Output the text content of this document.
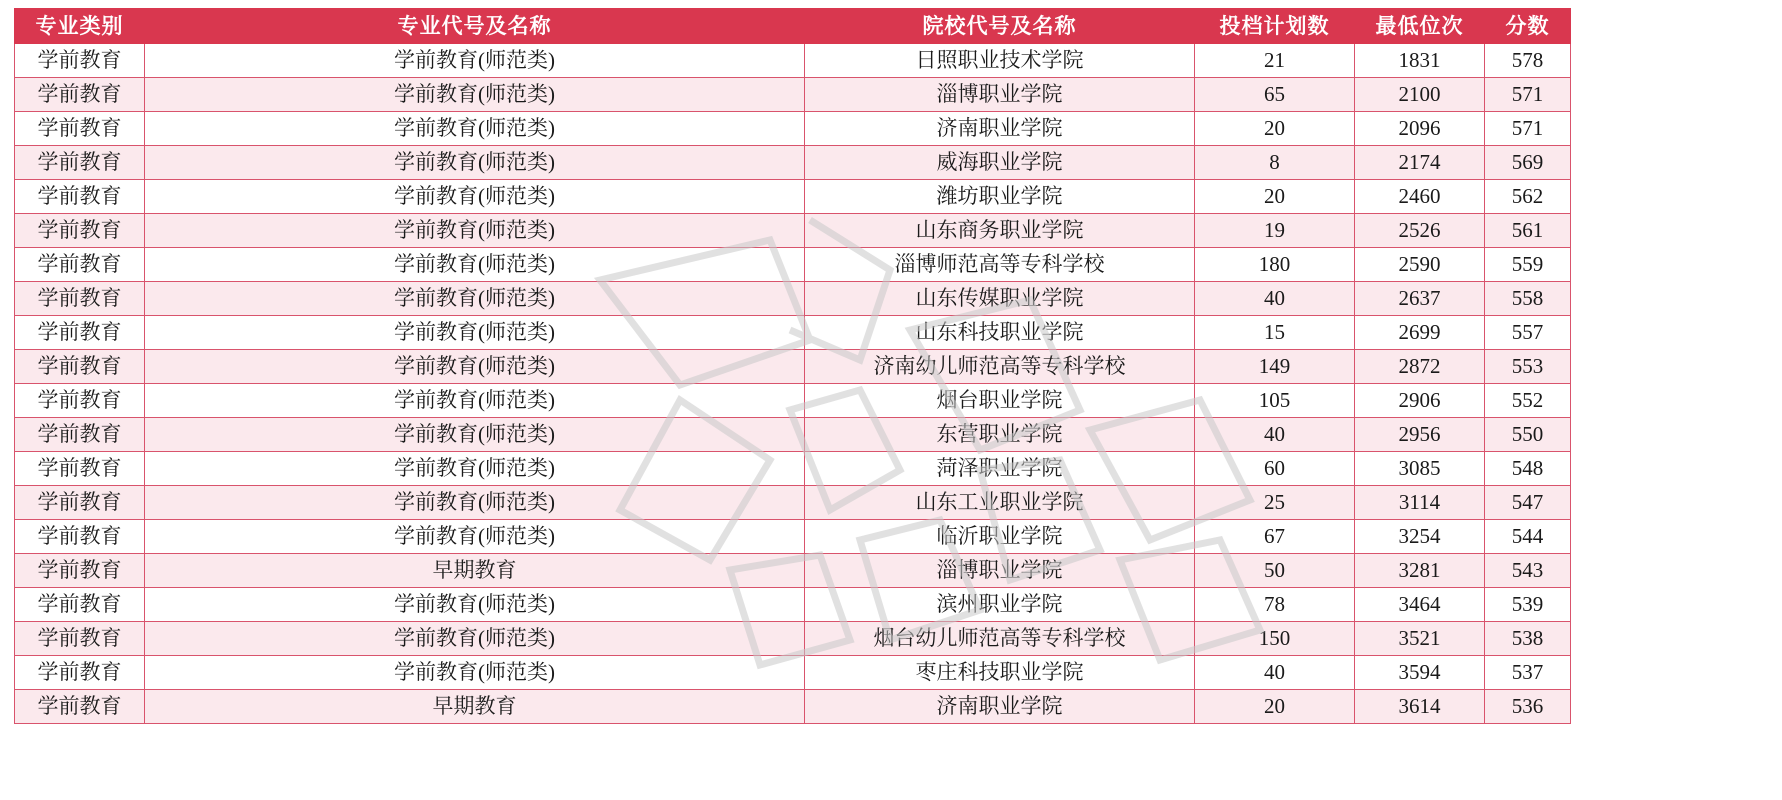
专业类别	专业代号及名称	院校代号及名称	投档计划数	最低位次	分数
学前教育	学前教育(师范类)	日照职业技术学院	21	1831	578
学前教育	学前教育(师范类)	淄博职业学院	65	2100	571
学前教育	学前教育(师范类)	济南职业学院	20	2096	571
学前教育	学前教育(师范类)	威海职业学院	8	2174	569
学前教育	学前教育(师范类)	潍坊职业学院	20	2460	562
学前教育	学前教育(师范类)	山东商务职业学院	19	2526	561
学前教育	学前教育(师范类)	淄博师范高等专科学校	180	2590	559
学前教育	学前教育(师范类)	山东传媒职业学院	40	2637	558
学前教育	学前教育(师范类)	山东科技职业学院	15	2699	557
学前教育	学前教育(师范类)	济南幼儿师范高等专科学校	149	2872	553
学前教育	学前教育(师范类)	烟台职业学院	105	2906	552
学前教育	学前教育(师范类)	东营职业学院	40	2956	550
学前教育	学前教育(师范类)	菏泽职业学院	60	3085	548
学前教育	学前教育(师范类)	山东工业职业学院	25	3114	547
学前教育	学前教育(师范类)	临沂职业学院	67	3254	544
学前教育	早期教育	淄博职业学院	50	3281	543
学前教育	学前教育(师范类)	滨州职业学院	78	3464	539
学前教育	学前教育(师范类)	烟台幼儿师范高等专科学校	150	3521	538
学前教育	学前教育(师范类)	枣庄科技职业学院	40	3594	537
学前教育	早期教育	济南职业学院	20	3614	536
